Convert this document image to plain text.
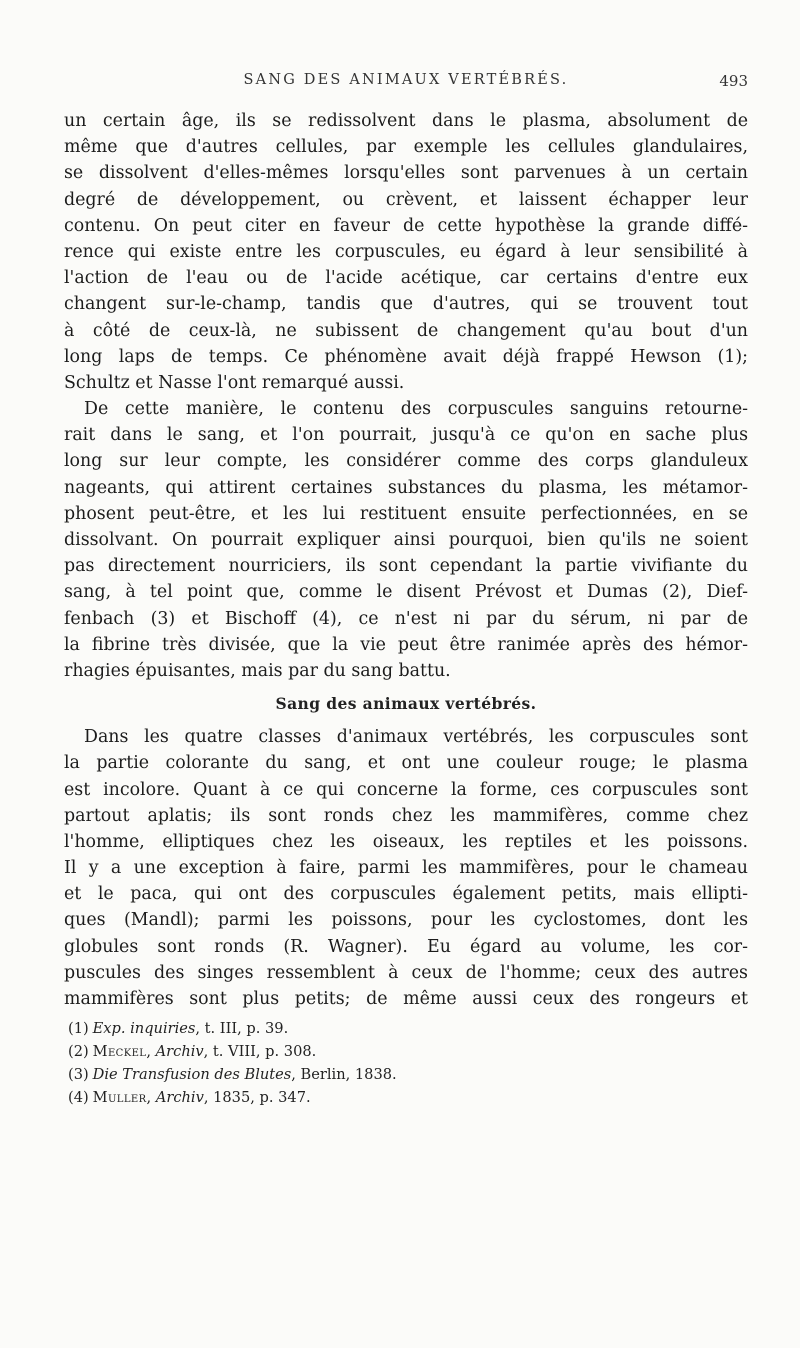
SANG DES ANIMAUX VERTÉBRÉS.	493
un certain âge, ils se redissolvent dans le plasma, absolument de
même que d'autres cellules, par exemple les cellules glandulaires,
se dissolvent d'elles-mêmes lorsqu'elles sont parvenues à un certain
degré de développement, ou crèvent, et laissent échapper leur
contenu. On peut citer en faveur de cette hypothèse la grande diffé-
rence qui existe entre les corpuscules, eu égard à leur sensibilité à
l'action de l'eau ou de l'acide acétique, car certains d'entre eux
changent sur-le-champ, tandis que d'autres, qui se trouvent tout
à côté de ceux-là, ne subissent de changement qu'au bout d'un
long laps de temps. Ce phénomène avait déjà frappé Hewson (1);
Schultz et Nasse l'ont remarqué aussi.
De cette manière, le contenu des corpuscules sanguins retourne-
rait dans le sang, et l'on pourrait, jusqu'à ce qu'on en sache plus
long sur leur compte, les considérer comme des corps glanduleux
nageants, qui attirent certaines substances du plasma, les métamor-
phosent peut-être, et les lui restituent ensuite perfectionnées, en se
dissolvant. On pourrait expliquer ainsi pourquoi, bien qu'ils ne soient
pas directement nourriciers, ils sont cependant la partie vivifiante du
sang, à tel point que, comme le disent Prévost et Dumas (2), Dief-
fenbach (3) et Bischoff (4), ce n'est ni par du sérum, ni par de
la fibrine très divisée, que la vie peut être ranimée après des hémor-
rhagies épuisantes, mais par du sang battu.
Sang des animaux vertébrés.
Dans les quatre classes d'animaux vertébrés, les corpuscules sont
la partie colorante du sang, et ont une couleur rouge; le plasma
est incolore. Quant à ce qui concerne la forme, ces corpuscules sont
partout aplatis; ils sont ronds chez les mammifères, comme chez
l'homme, elliptiques chez les oiseaux, les reptiles et les poissons.
Il y a une exception à faire, parmi les mammifères, pour le chameau
et le paca, qui ont des corpuscules également petits, mais ellipti-
ques (Mandl); parmi les poissons, pour les cyclostomes, dont les
globules sont ronds (R. Wagner). Eu égard au volume, les cor-
puscules des singes ressemblent à ceux de l'homme; ceux des autres
mammifères sont plus petits; de même aussi ceux des rongeurs et
(1) Exp. inquiries, t. III, p. 39.
(2) Meckel, Archiv, t. VIII, p. 308.
(3) Die Transfusion des Blutes, Berlin, 1838.
(4) Muller, Archiv, 1835, p. 347.
